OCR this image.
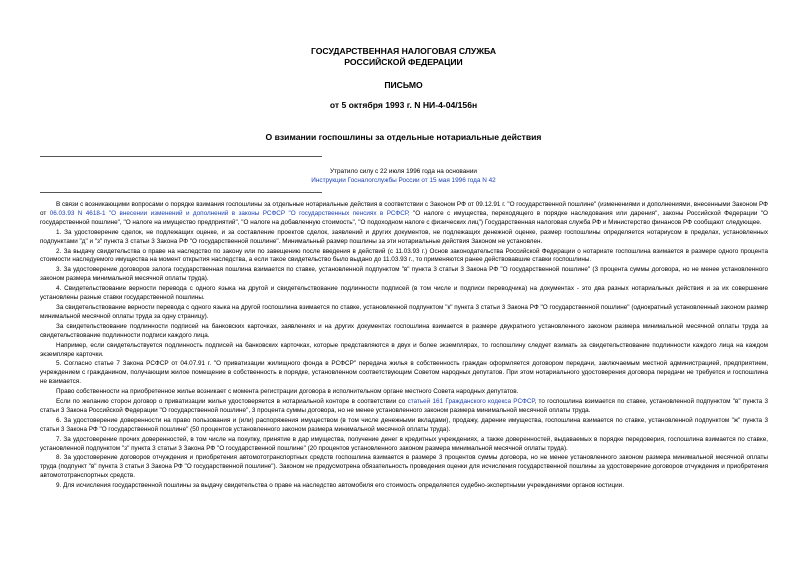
ГОСУДАРСТВЕННАЯ НАЛОГОВАЯ СЛУЖБА
РОССИЙСКОЙ ФЕДЕРАЦИИ
ПИСЬМО
от 5 октября 1993 г. N НИ-4-04/156н
О взимании госпошлины за отдельные нотариальные действия
Утратило силу с 22 июля 1996 года на основании
Инструкции Госналогслужбы России от 15 мая 1996 года N 42

В связи с возникающими вопросами о порядке взимания госпошлины за отдельные нотариальные действия в соответствии с Законом РФ от 09.12.91 г. "О государственной пошлине" (изменениями и дополнениями, внесенными Законом РФ от 06.03.93 N 4618-1 "О внесении изменений и дополнений в законы РСФСР "О государственных пенсиях в РСФСР, "О налоге с имущества, переходящего в порядке наследования или дарения", законы Российской Федерации "О государственной пошлине", "О налоге на имущество предприятий", "О налоге на добавленную стоимость", "О подоходном налоге с физических лиц") Государственная налоговая служба РФ и Министерство финансов РФ сообщают следующее.

1. За удостоверение сделок, не подлежащих оценке, и за составление проектов сделок, заявлений и других документов, не подлежащих денежной оценке, размер госпошлины определяется нотариусом в пределах, установленных подпунктами "д" и "з" пункта 3 статьи 3 Закона РФ "О государственной пошлине". Минимальный размер пошлины за эти нотариальные действия Законом не установлен.

2. За выдачу свидетельства о праве на наследство по закону или по завещению после введения в действий (с 11.03.93 г.) Основ законодательства Российской Федерации о нотариате госпошлина взимается в размере одного процента стоимости наследуемого имущества на момент открытия наследства, а если такое свидетельство было выдано до 11.03.93 г., то применяются ранее действовавшие ставки госпошлины.

3. За удостоверение договоров залога государственная пошлина взимается по ставке, установленной подпунктом "в" пункта 3 статьи 3 Закона РФ "О государственной пошлине" (3 процента суммы договора, но не менее установленного законом размера минимальной месячной оплаты труда).

4. Свидетельствование верности перевода с одного языка на другой и свидетельствование подлинности подписей (в том числе и подписи переводчика) на документах - это два разных нотариальных действия и за их совершение установлены разные ставки государственной пошлины.

За свидетельствование верности перевода с одного языка на другой госпошлина взимается по ставке, установленной подпунктом "к" пункта 3 статьи 3 Закона РФ "О государственной пошлине" (однократный установленный законом размер минимальной месячной оплаты труда за одну страницу).

За свидетельствование подлинности подписей на банковских карточках, заявлениях и на других документах госпошлина взимается в размере двукратного установленного законом размера минимальной месячной оплаты труда за свидетельствование подлинности подписи каждого лица.

Например, если свидетельствуется подлинность подписей на банковских карточках, которые представляются в двух и более экземплярах, то госпошлину следует взимать за свидетельствование подлинности каждого лица на каждом экземпляре карточки.

5. Согласно статье 7 Закона РСФСР от 04.07.91 г. "О приватизации жилищного фонда в РСФСР" передача жилья в собственность граждан оформляется договором передачи, заключаемым местной администрацией, предприятием, учреждением с гражданином, получающим жилое помещение в собственность в порядке, установленном соответствующим Советом народных депутатов. При этом нотариального удостоверения договора передачи не требуется и госпошлина не взимается.

Право собственности на приобретенное жилье возникает с момента регистрации договора в исполнительном органе местного Совета народных депутатов.

Если по желанию сторон договор о приватизации жилья удостоверяется в нотариальной конторе в соответствии со статьей 161 Гражданского кодекса РСФСР, то госпошлина взимается по ставке, установленной подпунктом "в" пункта 3 статьи 3 Закона Российской Федерации "О государственной пошлине", 3 процента суммы договора, но не менее установленного законом размера минимальной месячной оплаты труда.

6. За удостоверение доверенности на право пользования и (или) распоряжения имуществом (в том числе денежными вкладами), продажу, дарение имущества, госпошлина взимается по ставке, установленной подпунктом "ж" пункта 3 статьи 3 Закона РФ "О государственной пошлине" (50 процентов установленного законом размера минимальной месячной оплаты труда).

7. За удостоверение прочих доверенностей, в том числе на покупку, принятие в дар имущества, получение денег в кредитных учреждениях, а также доверенностей, выдаваемых в порядке передоверия, госпошлина взимается по ставке, установленной подпунктом "з" пункта 3 статьи 3 Закона РФ "О государственной пошлине" (20 процентов установленного законом размера минимальной месячной оплаты труда).

8. За удостоверение договоров отчуждения и приобретения автомототранспортных средств госпошлина взимается в размере 3 процентов суммы договора, но не менее установленного законом размера минимальной месячной оплаты труда (подпункт "в" пункта 3 статьи 3 Закона РФ "О государственной пошлине"). Законом не предусмотрена обязательность проведения оценки для исчисления государственной пошлины за удостоверение договоров отчуждения и приобретения автомототранспортных средств.

9. Для исчисления государственной пошлины за выдачу свидетельства о праве на наследство автомобиля его стоимость определяется судебно-экспертными учреждениями органов юстиции.
